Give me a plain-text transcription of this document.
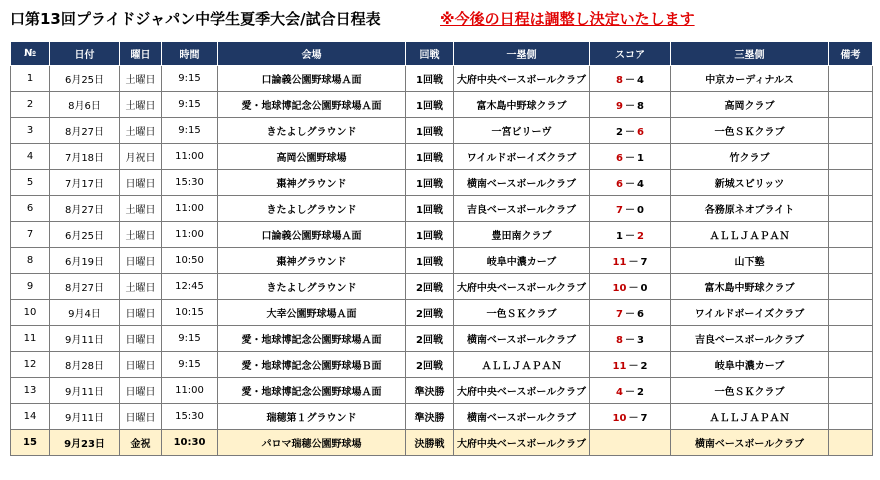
口第13回プライドジャパン中学生夏季大会/試合日程表	※今後の日程は調整し決定いたします
№	日付	曜日	時間	会場	回戦	一塁側	スコア	三塁側	備考
1	6月25日	土曜日	9:15	口論義公園野球場Ａ面	1回戦	大府中央ベースボールクラブ	8 － 4	中京カーディナルス	
2	8月6日	土曜日	9:15	愛・地球博記念公園野球場Ａ面	1回戦	富木島中野球クラブ	9 － 8	高岡クラブ	
3	8月27日	土曜日	9:15	きたよしグラウンド	1回戦	一宮ビリーヴ	2 － 6	一色ＳＫクラブ	
4	7月18日	月祝日	11:00	高岡公園野球場	1回戦	ワイルドボーイズクラブ	6 － 1	竹クラブ	
5	7月17日	日曜日	15:30	棗神グラウンド	1回戦	横南ベースボールクラブ	6 － 4	新城スピリッツ	
6	8月27日	土曜日	11:00	きたよしグラウンド	1回戦	吉良ベースボールクラブ	7 － 0	各務原ネオブライト	
7	6月25日	土曜日	11:00	口論義公園野球場Ａ面	1回戦	豊田南クラブ	1 － 2	ＡＬＬＪＡＰＡＮ	
8	6月19日	日曜日	10:50	棗神グラウンド	1回戦	岐阜中濃カーブ	11 － 7	山下塾	
9	8月27日	土曜日	12:45	きたよしグラウンド	2回戦	大府中央ベースボールクラブ	10 － 0	富木島中野球クラブ	
10	9月4日	日曜日	10:15	大幸公園野球場Ａ面	2回戦	一色ＳＫクラブ	7 － 6	ワイルドボーイズクラブ	
11	9月11日	日曜日	9:15	愛・地球博記念公園野球場Ａ面	2回戦	横南ベースボールクラブ	8 － 3	吉良ベースボールクラブ	
12	8月28日	日曜日	9:15	愛・地球博記念公園野球場Ｂ面	2回戦	ＡＬＬＪＡＰＡＮ	11 － 2	岐阜中濃カーブ	
13	9月11日	日曜日	11:00	愛・地球博記念公園野球場Ａ面	準決勝	大府中央ベースボールクラブ	4 － 2	一色ＳＫクラブ	
14	9月11日	日曜日	15:30	瑞穂第１グラウンド	準決勝	横南ベースボールクラブ	10 － 7	ＡＬＬＪＡＰＡＮ	
15	9月23日	金祝	10:30	パロマ瑞穂公園野球場	決勝戦	大府中央ベースボールクラブ		横南ベースボールクラブ	
